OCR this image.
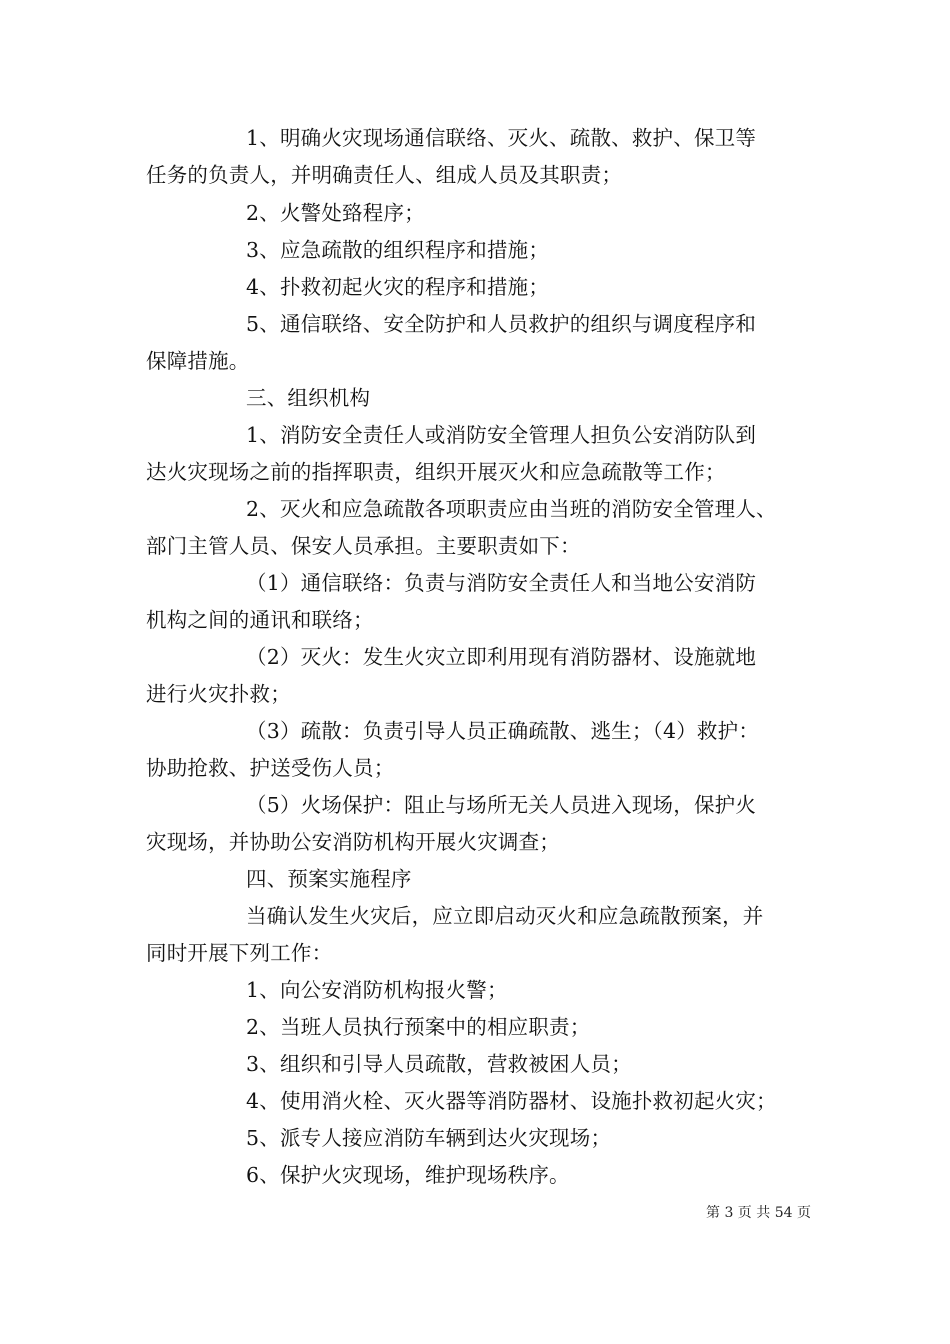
1、明确火灾现场通信联络、灭火、疏散、救护、保卫等
任务的负责人，并明确责任人、组成人员及其职责；
2、火警处臵程序；
3、应急疏散的组织程序和措施；
4、扑救初起火灾的程序和措施；
5、通信联络、安全防护和人员救护的组织与调度程序和
保障措施。
三、组织机构
1、消防安全责任人或消防安全管理人担负公安消防队到
达火灾现场之前的指挥职责，组织开展灭火和应急疏散等工作；
2、灭火和应急疏散各项职责应由当班的消防安全管理人、
部门主管人员、保安人员承担。主要职责如下：
（1）通信联络：负责与消防安全责任人和当地公安消防
机构之间的通讯和联络；
（2）灭火：发生火灾立即利用现有消防器材、设施就地
进行火灾扑救；
（3）疏散：负责引导人员正确疏散、逃生；（4）救护：
协助抢救、护送受伤人员；
（5）火场保护：阻止与场所无关人员进入现场，保护火
灾现场，并协助公安消防机构开展火灾调查；
四、预案实施程序
当确认发生火灾后，应立即启动灭火和应急疏散预案，并
同时开展下列工作：
1、向公安消防机构报火警；
2、当班人员执行预案中的相应职责；
3、组织和引导人员疏散，营救被困人员；
4、使用消火栓、灭火器等消防器材、设施扑救初起火灾；
5、派专人接应消防车辆到达火灾现场；
6、保护火灾现场，维护现场秩序。
第 3 页 共 54 页
